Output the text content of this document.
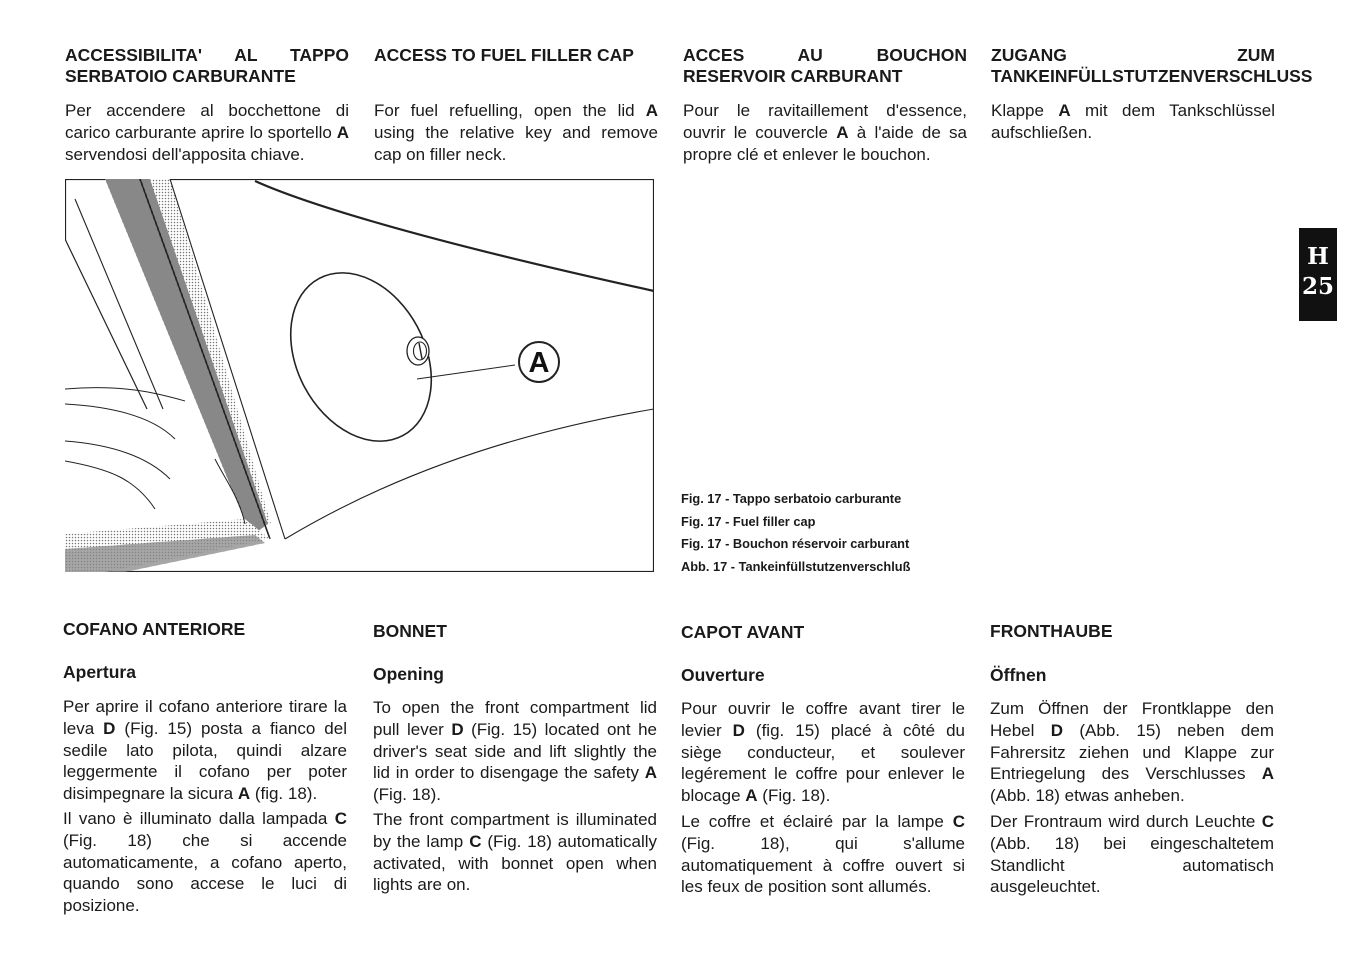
ACCESSIBILITA' AL TAPPO SERBATOIO CARBURANTE

Per accendere al bocchettone di carico carburante aprire lo sportello A servendosi dell'apposita chiave.

ACCESS TO FUEL FILLER CAP

For fuel refuelling, open the lid A using the relative key and remove cap on filler neck.

ACCES AU BOUCHON RESERVOIR CARBURANT

Pour le ravitaillement d'essence, ouvrir le couvercle A à l'aide de sa propre clé et enlever le bouchon.

ZUGANG ZUM TANKEINFÜLLSTUTZENVERSCHLUSS

Klappe A mit dem Tankschlüssel aufschließen.

A

Fig. 17 - Tappo serbatoio carburante

Fig. 17 - Fuel filler cap

Fig. 17 - Bouchon réservoir carburant

Abb. 17 - Tankeinfüllstutzenverschluß

COFANO ANTERIORE
Apertura

Per aprire il cofano anteriore tirare la leva D (Fig. 15) posta a fianco del sedile lato pilota, quindi alzare leggermente il cofano per poter disimpegnare la sicura A (fig. 18).

Il vano è illuminato dalla lampada C (Fig. 18) che si accende automaticamente, a cofano aperto, quando sono accese le luci di posizione.

BONNET
Opening

To open the front compartment lid pull lever D (Fig. 15) located ont he driver's seat side and lift slightly the lid in order to disengage the safety A (Fig. 18).

The front compartment is illuminated by the lamp C (Fig. 18) automatically activated, with bonnet open when lights are on.

CAPOT AVANT
Ouverture

Pour ouvrir le coffre avant tirer le levier D (fig. 15) placé à côté du siège conducteur, et soulever legérement le coffre pour enlever le blocage A (Fig. 18).

Le coffre et éclairé par la lampe C (Fig. 18), qui s'allume automatiquement à coffre ouvert si les feux de position sont allumés.

FRONTHAUBE
Öffnen

Zum Öffnen der Frontklappe den Hebel D (Abb. 15) neben dem Fahrersitz ziehen und Klappe zur Entriegelung des Verschlusses A (Abb. 18) etwas anheben.

Der Frontraum wird durch Leuchte C (Abb. 18) bei eingeschaltetem Standlicht automatisch ausgeleuchtet.

H
25
